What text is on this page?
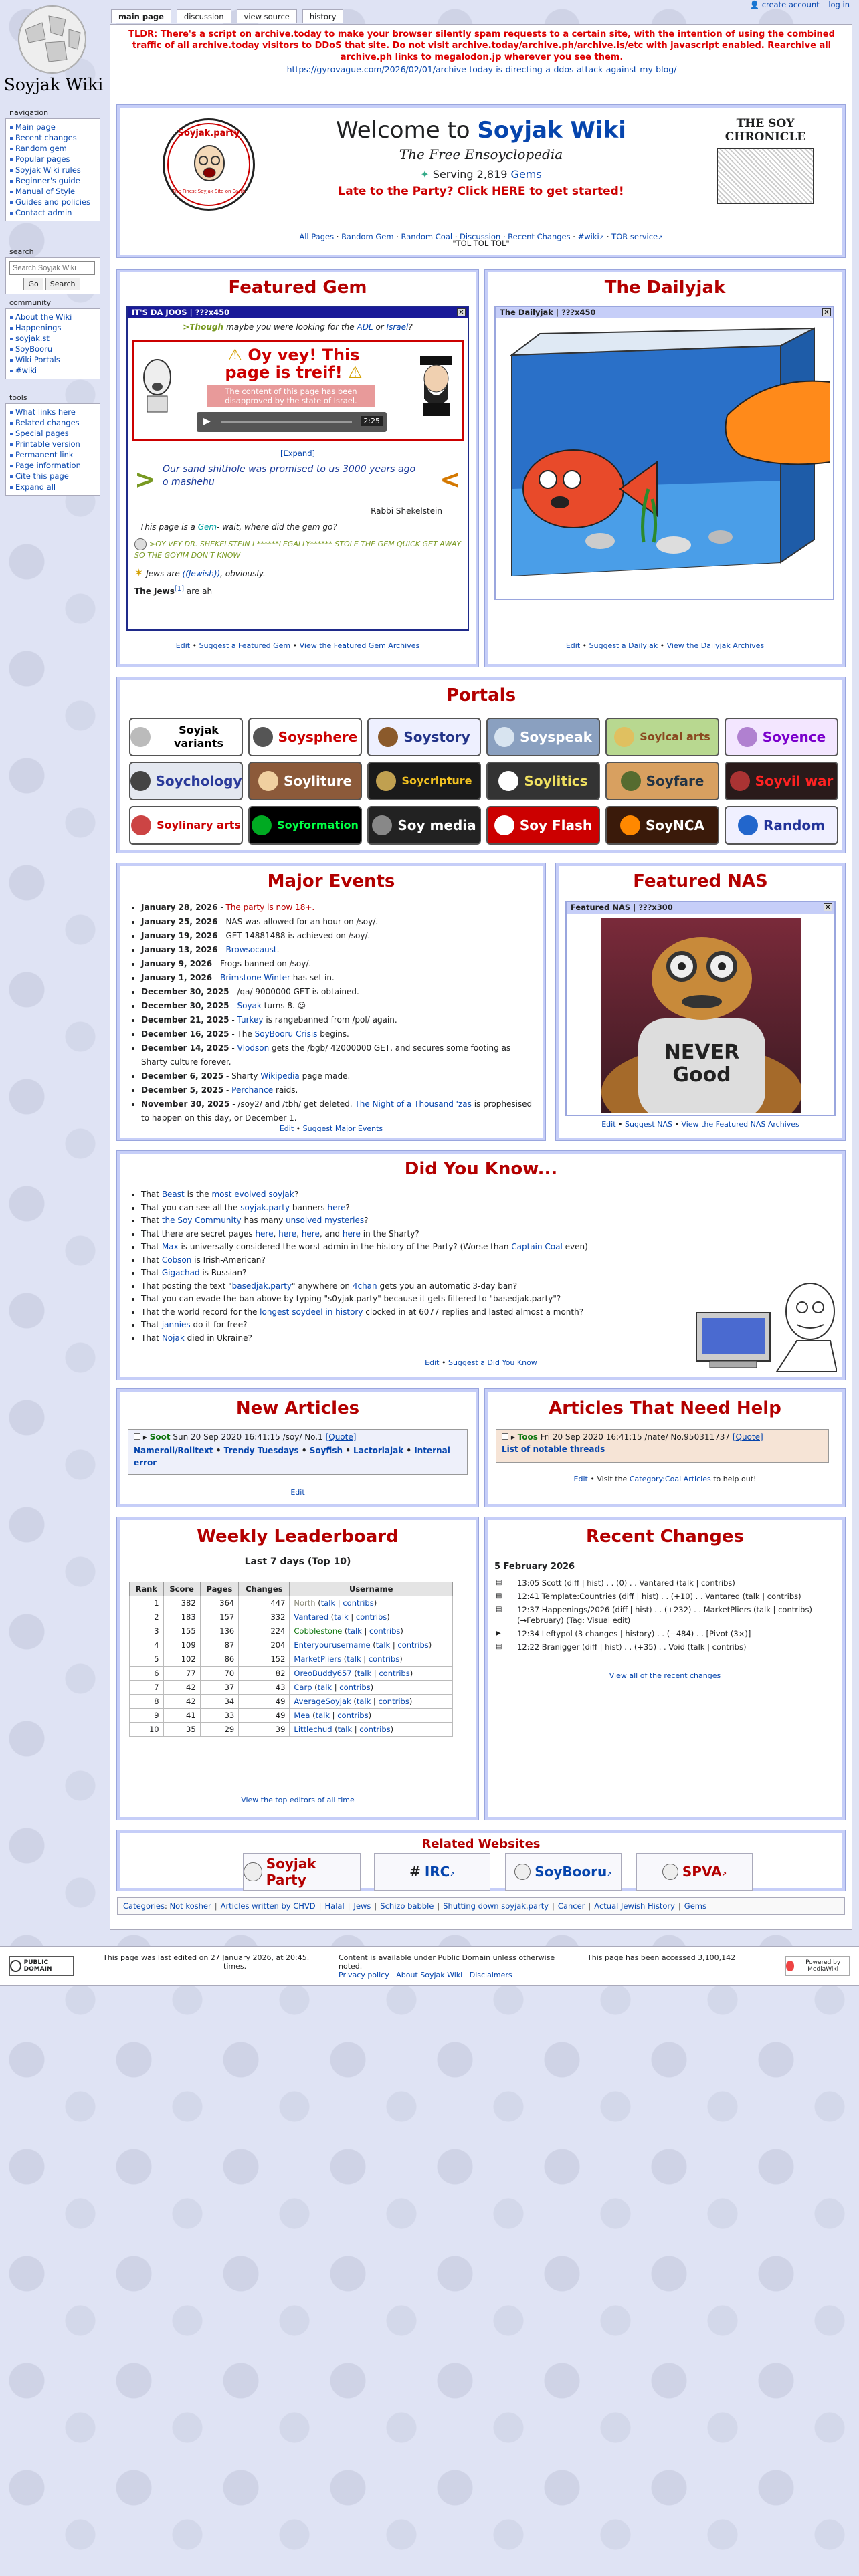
Soyjak Wiki
navigation
Main page
Recent changes
Random gem
Popular pages
Soyjak Wiki rules
Beginner's guide
Manual of Style
Guides and policies
Contact admin
search
Search Soyjak Wiki
Go Search
community
About the Wiki
Happenings
soyjak.st
SoyBooru
Wiki Portals
#wiki
tools
What links here
Related changes
Special pages
Printable version
Permanent link
Page information
Cite this page
Expand all
👤 create account log in
main page	discussion	view source	history
TLDR: There's a script on archive.today to make your browser silently spam requests to a certain site, with the intention of using the combined traffic of all archive.today visitors to DDoS that site. Do not visit archive.today/archive.ph/archive.is/etc with javascript enabled. Rearchive all archive.ph links to megalodon.jp wherever you see them.
https://gyrovague.com/2026/02/01/archive-today-is-directing-a-ddos-attack-against-my-blog/
Soyjak.party
The Finest Soyjak Site on Earth
Welcome to Soyjak Wiki
The Free Ensoyclopedia
✦ Serving 2,819 Gems
Late to the Party? Click HERE to get started!
THE SOY CHRONICLE
All Pages · Random Gem · Random Coal · Discussion · Recent Changes · #wiki ↗ · TOR service ↗
"TOL TOL TOL"
Featured Gem
IT'S DA JOOS | ???x450	✕
>Though maybe you were looking for the ADL or Israel?
⚠ Oy vey! This page is treif! ⚠
The content of this page has been disapproved by the state of Israel.
▶	2:25
[Expand]
> Our sand shithole was promised to us 3000 years ago o mashehu	<
Rabbi Shekelstein
This page is a Gem- wait, where did the gem go?
>OY VEY DR. SHEKELSTEIN I ******LEGALLY****** STOLE THE GEM QUICK GET AWAY SO THE GOYIM DON'T KNOW
✶ Jews are ((Jewish)), obviously.
The Jews[1] are ah
Edit • Suggest a Featured Gem • View the Featured Gem Archives
The Dailyjak
The Dailyjak | ???x450	✕
Edit • Suggest a Dailyjak • View the Dailyjak Archives
Portals
Soyjak variants	Soysphere	Soystory	Soyspeak	Soyical arts	Soyence
Soychology	Soyliture	Soycripture	Soylitics	Soyfare	Soyvil war
Soylinary arts	Soyformation	Soy media	Soy Flash	SoyNCA	Random
Major Events
• January 28, 2026 - The party is now 18+.
• January 25, 2026 - NAS was allowed for an hour on /soy/.
• January 19, 2026 - GET 14881488 is achieved on /soy/.
• January 13, 2026 - Browsocaust.
• January 9, 2026 - Frogs banned on /soy/.
• January 1, 2026 - Brimstone Winter has set in.
• December 30, 2025 - /qa/ 9000000 GET is obtained.
• December 30, 2025 - Soyak turns 8. ☺
• December 21, 2025 - Turkey is rangebanned from /pol/ again.
• December 16, 2025 - The SoyBooru Crisis begins.
• December 14, 2025 - Vlodson gets the /bgb/ 42000000 GET, and secures some footing as Sharty culture forever.
• December 6, 2025 - Sharty Wikipedia page made.
• December 5, 2025 - Perchance raids.
• November 30, 2025 - /soy2/ and /tbh/ get deleted. The Night of a Thousand 'zas is prophesised to happen on this day, or December 1.
Edit • Suggest Major Events
Featured NAS
Featured NAS | ???x300	✕
NEVER
Good
Edit • Suggest NAS • View the Featured NAS Archives
Did You Know...
• That Beast is the most evolved soyjak?
• That you can see all the soyjak.party banners here?
• That the Soy Community has many unsolved mysteries?
• That there are secret pages here, here, here, and here in the Sharty?
• That Max is universally considered the worst admin in the history of the Party? (Worse than Captain Coal even)
• That Cobson is Irish-American?
• That Gigachad is Russian?
• That posting the text "basedjak.party" anywhere on 4chan gets you an automatic 3-day ban?
• That you can evade the ban above by typing "s0yjak.party" because it gets filtered to "basedjak.party"?
• That the world record for the longest soydeel in history clocked in at 6077 replies and lasted almost a month?
• That jannies do it for free?
• That Nojak died in Ukraine?
Edit • Suggest a Did You Know
New Articles
▸ Soot Sun 20 Sep 2020 16:41:15 /soy/ No.1 [Quote]
Nameroll/Rolltext • Trendy Tuesdays • Soyfish • Lactoriajak • Internal error
Edit
Articles That Need Help
▸ Toos Fri 20 Sep 2020 16:41:15 /nate/ No.950311737 [Quote]
List of notable threads
Edit • Visit the Category:Coal Articles to help out!
Weekly Leaderboard
Last 7 days (Top 10)
Rank	Score	Pages	Changes	Username
1	382	364	447	North (talk | contribs)
2	183	157	332	Vantared (talk | contribs)
3	155	136	224	Cobblestone (talk | contribs)
4	109	87	204	Enteryourusername (talk | contribs)
5	102	86	152	MarketPliers (talk | contribs)
6	77	70	82	OreoBuddy657 (talk | contribs)
7	42	37	43	Carp (talk | contribs)
8	42	34	49	AverageSoyjak (talk | contribs)
9	41	33	49	Mea (talk | contribs)
10	35	29	39	Littlechud (talk | contribs)
View the top editors of all time
Recent Changes
5 February 2026
▤ 13:05 Scott (diff | hist) . . (0) . . Vantared (talk | contribs)
▤ 12:41 Template:Countries (diff | hist) . . (+10) . . Vantared (talk | contribs)
▤ 12:37 Happenings/2026 (diff | hist) . . (+232) . . MarketPliers (talk | contribs) (→February) (Tag: Visual edit)
▶ 12:34 Leftypol (3 changes | history) . . (−484) . . [Pivot (3×)]
▤ 12:22 Branigger (diff | hist) . . (+35) . . Void (talk | contribs)
View all of the recent changes
Related Websites
Soyjak Party	# IRC ↗	SoyBooru ↗	SPVA ↗
Categories: Not kosher | Articles written by CHVD | Halal | Jews | Schizo babble | Shutting down soyjak.party | Cancer | Actual Jewish History | Gems
PUBLIC DOMAIN
This page was last edited on 27 January 2026, at 20:45.
times.
Content is available under Public Domain unless otherwise noted.
Privacy policy About Soyjak Wiki Disclaimers
This page has been accessed 3,100,142
Powered by MediaWiki
